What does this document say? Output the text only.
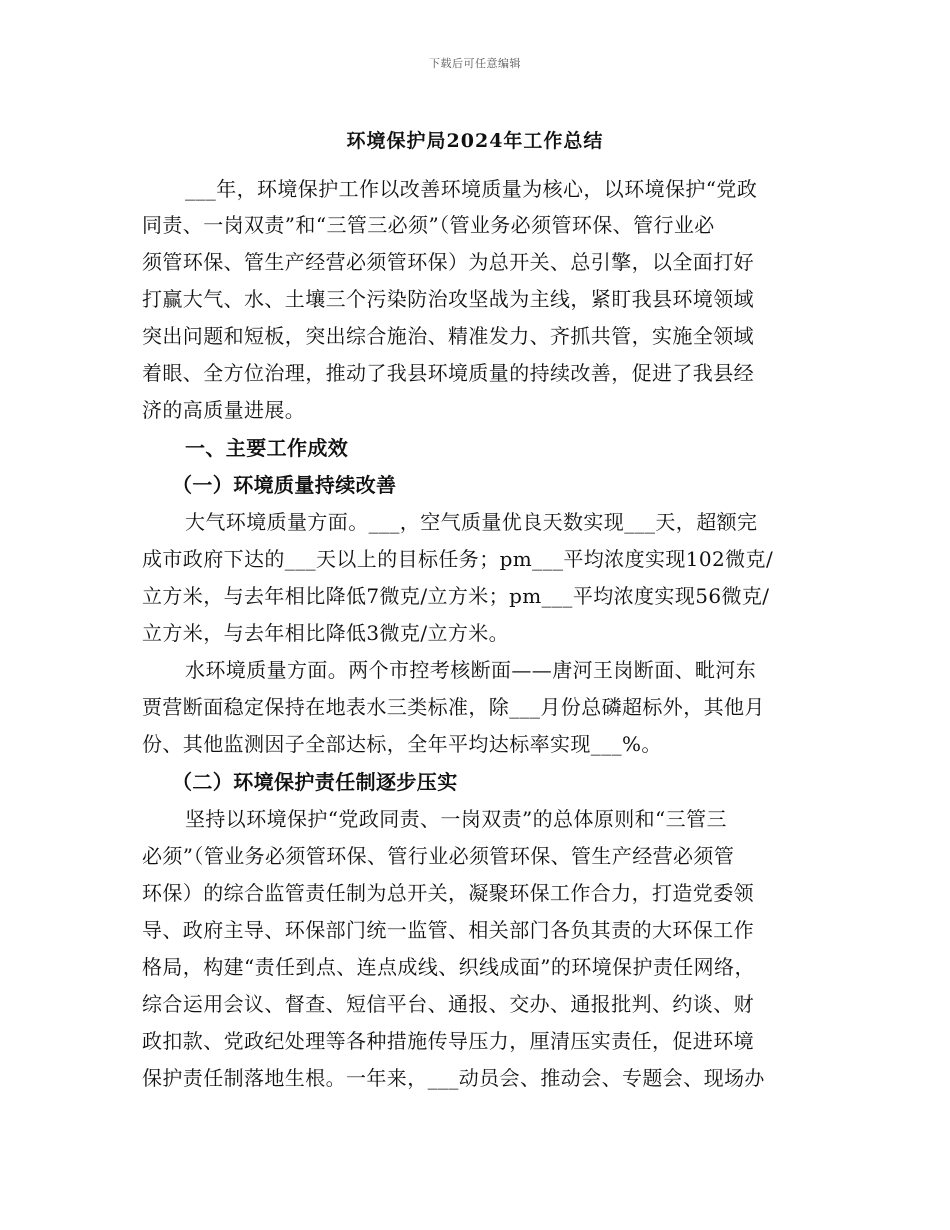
下载后可任意编辑
环境保护局2024年工作总结
___年，环境保护工作以改善环境质量为核心，以环境保护“党政
同责、一岗双责”和“三管三必须”（管业务必须管环保、管行业必
须管环保、管生产经营必须管环保）为总开关、总引擎，以全面打好
打赢大气、水、土壤三个污染防治攻坚战为主线，紧盯我县环境领域
突出问题和短板，突出综合施治、精准发力、齐抓共管，实施全领域
着眼、全方位治理，推动了我县环境质量的持续改善，促进了我县经
济的高质量进展。
一、主要工作成效
（一）环境质量持续改善
大气环境质量方面。___，空气质量优良天数实现___天，超额完
成市政府下达的___天以上的目标任务；pm___平均浓度实现102微克/
立方米，与去年相比降低7微克/立方米；pm___平均浓度实现56微克/
立方米，与去年相比降低3微克/立方米。
水环境质量方面。两个市控考核断面——唐河王岗断面、毗河东
贾营断面稳定保持在地表水三类标准，除___月份总磷超标外，其他月
份、其他监测因子全部达标，全年平均达标率实现___%。
（二）环境保护责任制逐步压实
坚持以环境保护“党政同责、一岗双责”的总体原则和“三管三
必须”（管业务必须管环保、管行业必须管环保、管生产经营必须管
环保）的综合监管责任制为总开关，凝聚环保工作合力，打造党委领
导、政府主导、环保部门统一监管、相关部门各负其责的大环保工作
格局，构建“责任到点、连点成线、织线成面”的环境保护责任网络，
综合运用会议、督查、短信平台、通报、交办、通报批判、约谈、财
政扣款、党政纪处理等各种措施传导压力，厘清压实责任，促进环境
保护责任制落地生根。一年来，___动员会、推动会、专题会、现场办
